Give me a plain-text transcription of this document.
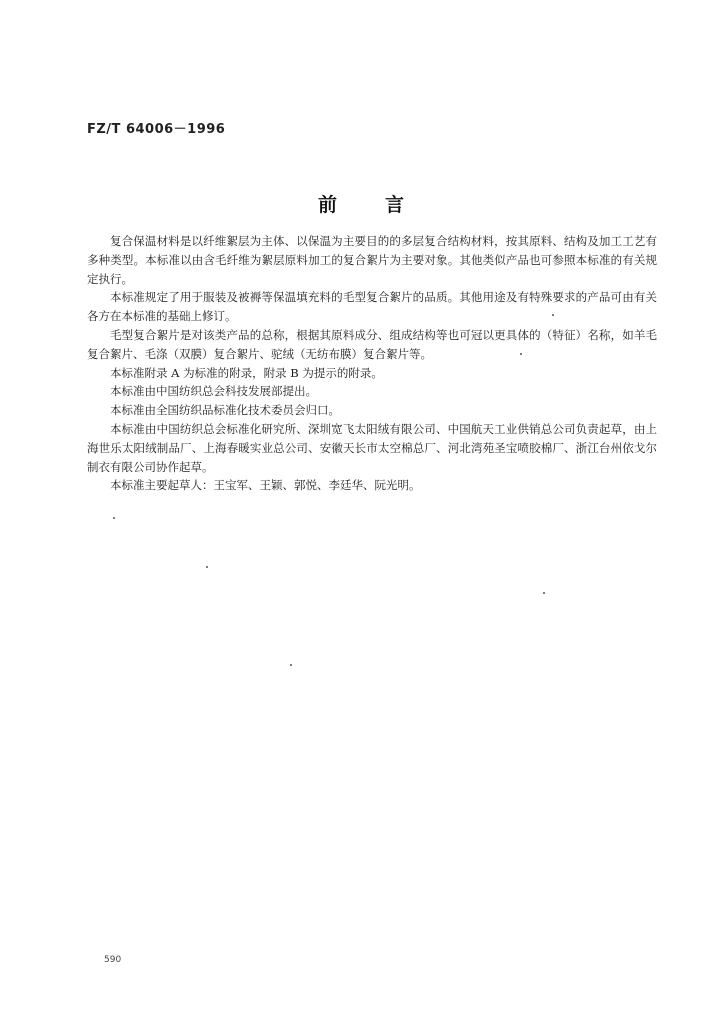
FZ/T 64006－1996
前言

复合保温材料是以纤维絮层为主体、以保温为主要目的的多层复合结构材料，按其原料、结构及加工工艺有多种类型。本标准以由含毛纤维为絮层原料加工的复合絮片为主要对象。其他类似产品也可参照本标准的有关规定执行。

本标准规定了用于服装及被褥等保温填充料的毛型复合絮片的品质。其他用途及有特殊要求的产品可由有关各方在本标准的基础上修订。

毛型复合絮片是对该类产品的总称，根据其原料成分、组成结构等也可冠以更具体的（特征）名称，如羊毛复合絮片、毛涤（双膜）复合絮片、驼绒（无纺布膜）复合絮片等。

本标准附录 A 为标准的附录，附录 B 为提示的附录。

本标准由中国纺织总会科技发展部提出。

本标准由全国纺织品标准化技术委员会归口。

本标准由中国纺织总会标准化研究所、深圳宽飞太阳绒有限公司、中国航天工业供销总公司负责起草，由上海世乐太阳绒制品厂、上海春暖实业总公司、安徽天长市太空棉总厂、河北湾苑圣宝喷胶棉厂、浙江台州依戈尔制衣有限公司协作起草。

本标准主要起草人：王宝军、王颖、郭悦、李廷华、阮光明。

590
